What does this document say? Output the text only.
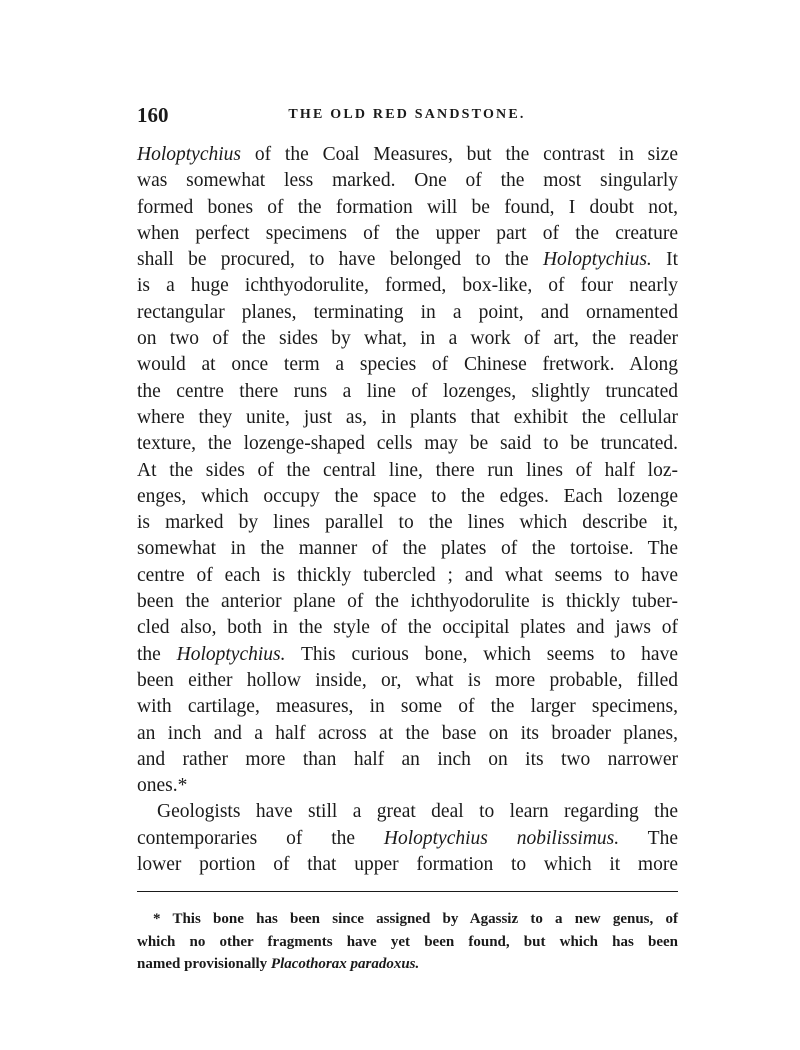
160	THE OLD RED SANDSTONE.
Holoptychius of the Coal Measures, but the contrast in size
was somewhat less marked. One of the most singularly
formed bones of the formation will be found, I doubt not,
when perfect specimens of the upper part of the creature
shall be procured, to have belonged to the Holoptychius. It
is a huge ichthyodorulite, formed, box-like, of four nearly
rectangular planes, terminating in a point, and ornamented
on two of the sides by what, in a work of art, the reader
would at once term a species of Chinese fretwork. Along
the centre there runs a line of lozenges, slightly truncated
where they unite, just as, in plants that exhibit the cellular
texture, the lozenge-shaped cells may be said to be truncated.
At the sides of the central line, there run lines of half loz-
enges, which occupy the space to the edges. Each lozenge
is marked by lines parallel to the lines which describe it,
somewhat in the manner of the plates of the tortoise. The
centre of each is thickly tubercled ; and what seems to have
been the anterior plane of the ichthyodorulite is thickly tuber-
cled also, both in the style of the occipital plates and jaws of
the Holoptychius. This curious bone, which seems to have
been either hollow inside, or, what is more probable, filled
with cartilage, measures, in some of the larger specimens,
an inch and a half across at the base on its broader planes,
and rather more than half an inch on its two narrower
ones.*
Geologists have still a great deal to learn regarding the
contemporaries of the Holoptychius nobilissimus. The
lower portion of that upper formation to which it more
* This bone has been since assigned by Agassiz to a new genus, of
which no other fragments have yet been found, but which has been
named provisionally Placothorax paradoxus.
